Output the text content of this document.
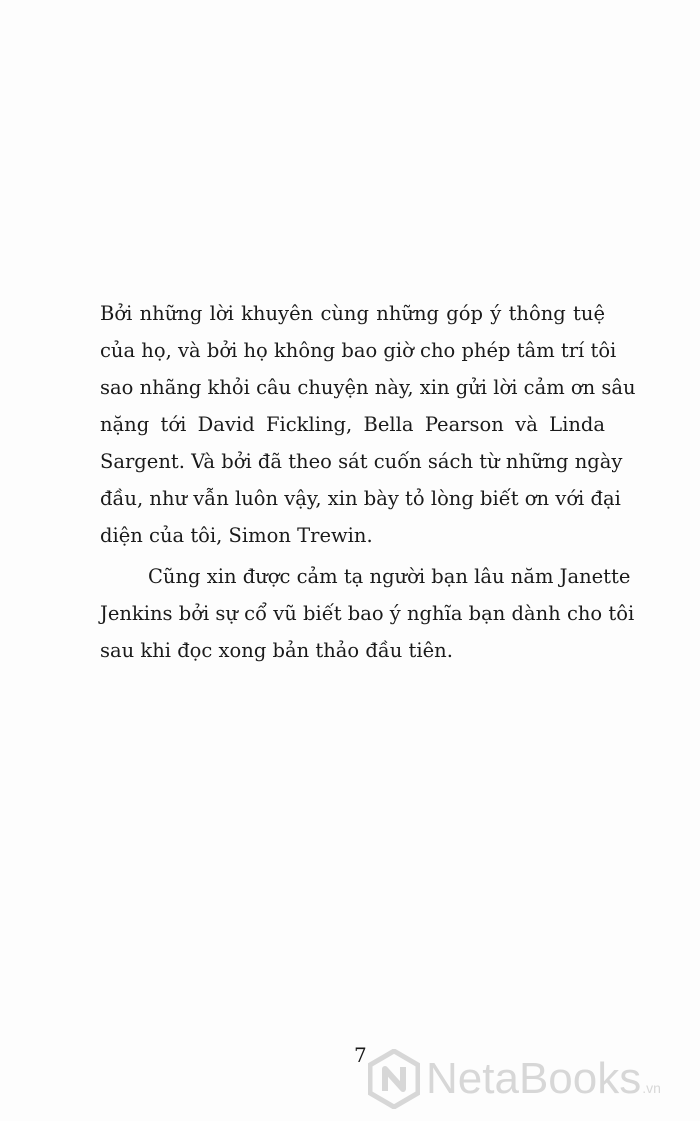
Bởi những lời khuyên cùng những góp ý thông tuệ
của họ, và bởi họ không bao giờ cho phép tâm trí tôi
sao nhãng khỏi câu chuyện này, xin gửi lời cảm ơn sâu
nặng tới David Fickling, Bella Pearson và Linda
Sargent. Và bởi đã theo sát cuốn sách từ những ngày
đầu, như vẫn luôn vậy, xin bày tỏ lòng biết ơn với đại
diện của tôi, Simon Trewin.

Cũng xin được cảm tạ người bạn lâu năm Janette
Jenkins bởi sự cổ vũ biết bao ý nghĩa bạn dành cho tôi
sau khi đọc xong bản thảo đầu tiên.

7 NetaBooks .vn
